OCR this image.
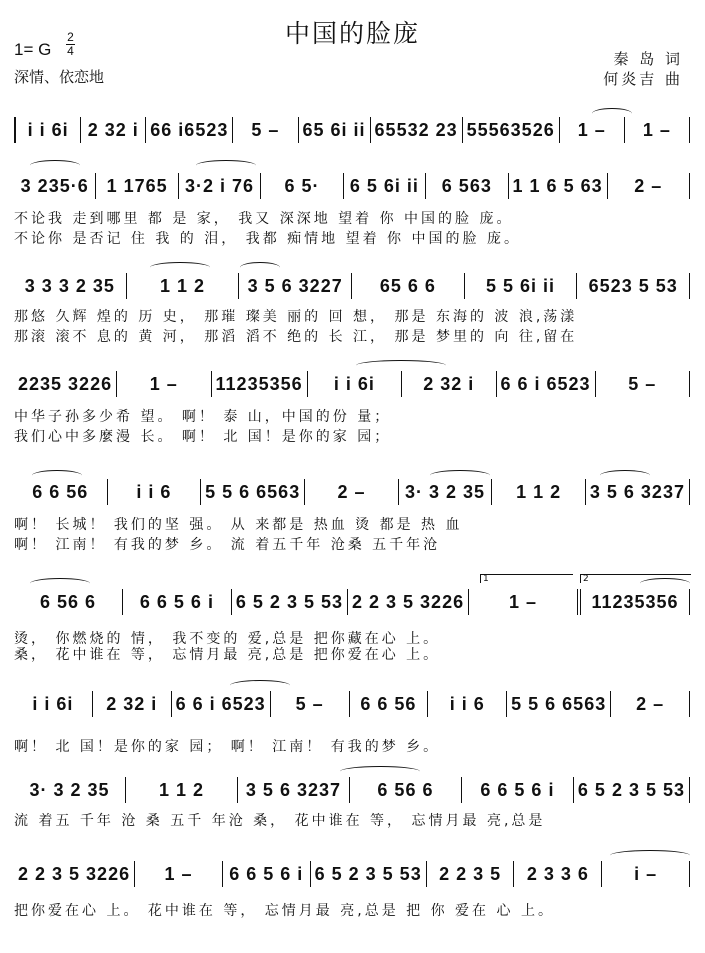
中国的脸庞
1= G
2
4
深情、依恋地
秦 岛 词
何炎吉 曲
i i 6i 2 32 i 66 i6523 5 – 65 6i ii 65532 23 55563526 1 – 1 –
3 235·6 1 1765 3·2 i 76 6 5· 6 5 6i ii 6 563 1 1 6 5 63 2 –
不论我 走到哪里 都 是 家， 我又 深深地 望着 你 中国的脸 庞。
不论你 是否记 住 我 的 泪， 我都 痴情地 望着 你 中国的脸 庞。
3 3 3 2 35	1 1 2 3 5 6 3227 65 6 6	5 5 6i ii 6523 5 53
那悠 久辉 煌的 历 史， 那璀 璨美 丽的 回 想， 那是 东海的 波 浪,荡漾
那滚 滚不 息的 黄 河， 那滔 滔不 绝的 长 江， 那是 梦里的 向 往,留在
2235 3226 1 – 11235356 i i 6i	2 32 i 6 6 i 6523 5 –
中华子孙多少希 望。 啊！ 泰 山，中国的份 量；
我们心中多麼漫 长。 啊！ 北 国！是你的家 园；
6 6 56	i i 6 5 5 6 6563 2 – 3· 3 2 35 1 1 2 3 5 6 3237
啊！ 长城！ 我们的坚 强。 从 来都是 热血 烫 都是 热 血
啊！ 江南！ 有我的梦 乡。 流 着五千年 沧桑 五千年沧
6 56 6 6 6 5 6 i 6 5 2 3 5 53 2 2 3 5 3226 1 –	11235356
烫， 你燃烧的 情， 我不变的 爱,总是 把你藏在心 上。
桑， 花中谁在 等， 忘情月最 亮,总是 把你爱在心 上。
i i 6i 2 32 i 6 6 i 6523 5 – 6 6 56 i i 6 5 5 6 6563 2 –
啊！ 北 国！是你的家 园； 啊！ 江南！ 有我的梦 乡。
3· 3 2 35	1 1 2 3 5 6 3237 6 56 6	6 6 5 6 i 6 5 2 3 5 53
流 着五 千年 沧 桑 五千 年沧 桑， 花中谁在 等， 忘情月最 亮,总是
2 2 3 5 3226 1 – 6 6 5 6 i 6 5 2 3 5 53 2 2 3 5 2 3 3 6	i –
把你爱在心 上。 花中谁在 等， 忘情月最 亮,总是 把 你 爱在 心 上。
1	2
